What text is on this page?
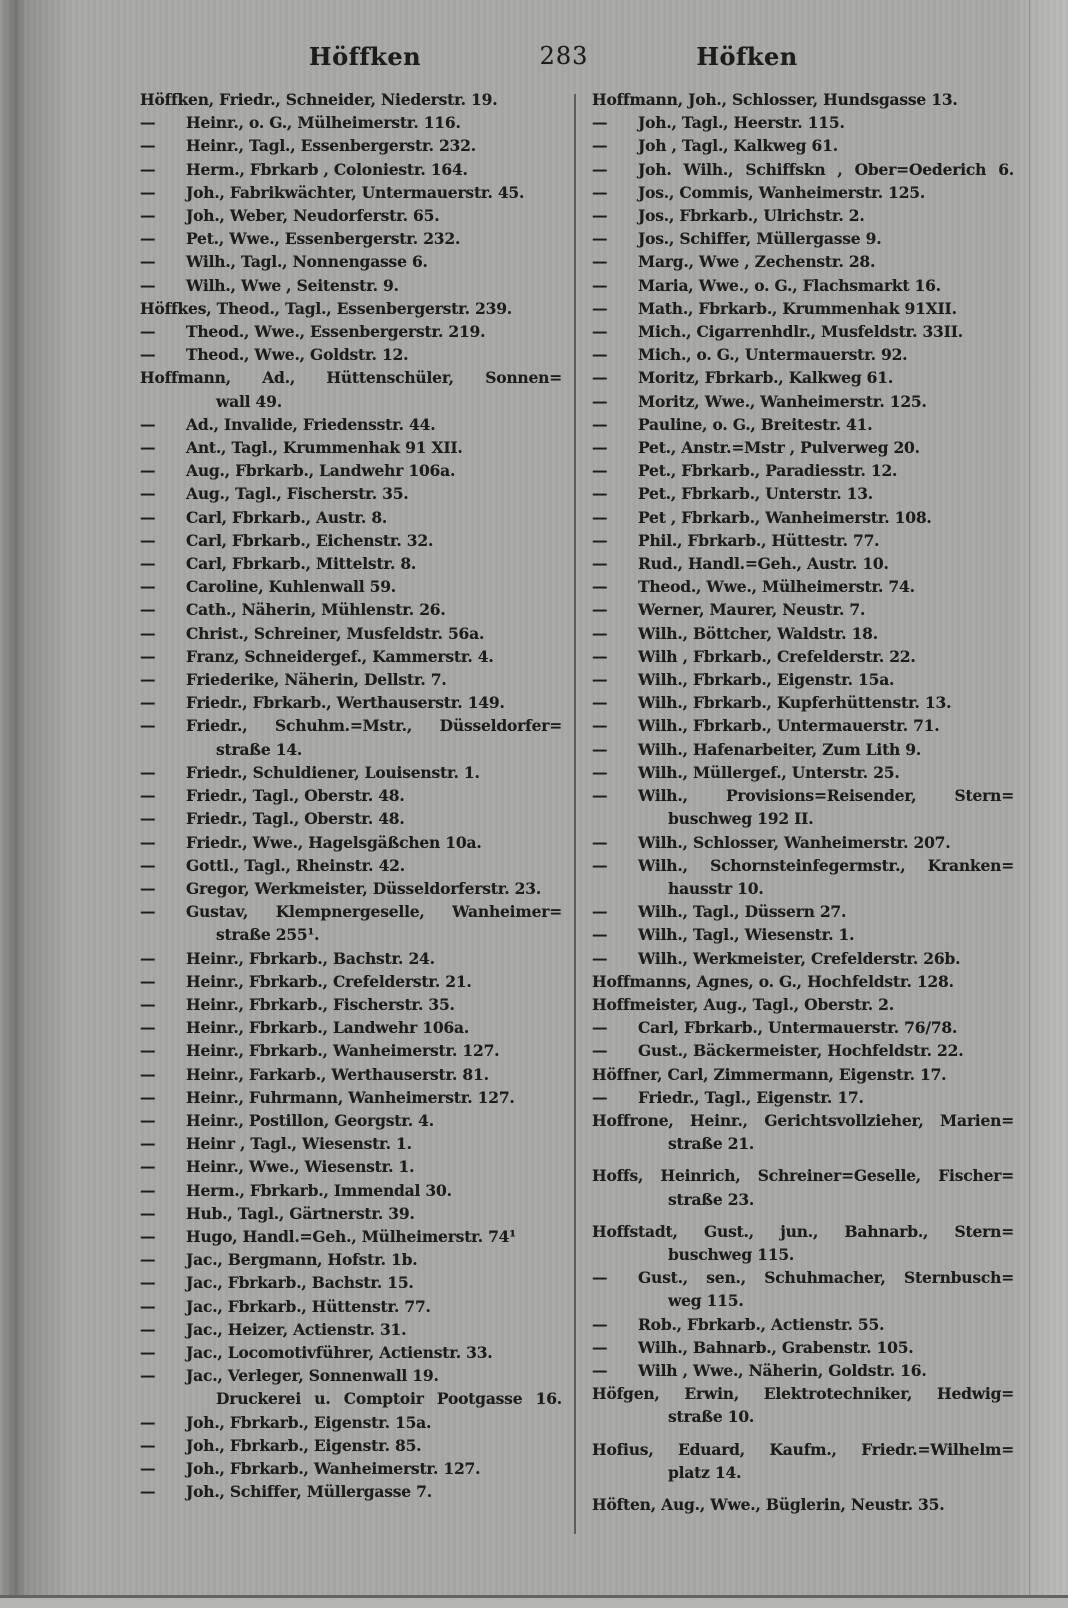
Höffken	283	Höfken
Höffken, Friedr., Schneider, Niederstr. 19.
—	Heinr., o. G., Mülheimerstr. 116.
—	Heinr., Tagl., Essenbergerstr. 232.
—	Herm., Fbrkarb , Coloniestr. 164.
—	Joh., Fabrikwächter, Untermauerstr. 45.
—	Joh., Weber, Neudorferstr. 65.
—	Pet., Wwe., Essenbergerstr. 232.
—	Wilh., Tagl., Nonnengasse 6.
—	Wilh., Wwe , Seitenstr. 9.
Höffkes, Theod., Tagl., Essenbergerstr. 239.
—	Theod., Wwe., Essenbergerstr. 219.
—	Theod., Wwe., Goldstr. 12.
Hoffmann, Ad., Hüttenschüler, Sonnen=
wall 49.
—	Ad., Invalide, Friedensstr. 44.
—	Ant., Tagl., Krummenhak 91 XII.
—	Aug., Fbrkarb., Landwehr 106a.
—	Aug., Tagl., Fischerstr. 35.
—	Carl, Fbrkarb., Austr. 8.
—	Carl, Fbrkarb., Eichenstr. 32.
—	Carl, Fbrkarb., Mittelstr. 8.
—	Caroline, Kuhlenwall 59.
—	Cath., Näherin, Mühlenstr. 26.
—	Christ., Schreiner, Musfeldstr. 56a.
—	Franz, Schneidergef., Kammerstr. 4.
—	Friederike, Näherin, Dellstr. 7.
—	Friedr., Fbrkarb., Werthauserstr. 149.
—	Friedr., Schuhm.=Mstr., Düsseldorfer=
straße 14.
—	Friedr., Schuldiener, Louisenstr. 1.
—	Friedr., Tagl., Oberstr. 48.
—	Friedr., Tagl., Oberstr. 48.
—	Friedr., Wwe., Hagelsgäßchen 10a.
—	Gottl., Tagl., Rheinstr. 42.
—	Gregor, Werkmeister, Düsseldorferstr. 23.
—	Gustav, Klempnergeselle, Wanheimer=
straße 255¹.
—	Heinr., Fbrkarb., Bachstr. 24.
—	Heinr., Fbrkarb., Crefelderstr. 21.
—	Heinr., Fbrkarb., Fischerstr. 35.
—	Heinr., Fbrkarb., Landwehr 106a.
—	Heinr., Fbrkarb., Wanheimerstr. 127.
—	Heinr., Farkarb., Werthauserstr. 81.
—	Heinr., Fuhrmann, Wanheimerstr. 127.
—	Heinr., Postillon, Georgstr. 4.
—	Heinr , Tagl., Wiesenstr. 1.
—	Heinr., Wwe., Wiesenstr. 1.
—	Herm., Fbrkarb., Immendal 30.
—	Hub., Tagl., Gärtnerstr. 39.
—	Hugo, Handl.=Geh., Mülheimerstr. 74¹
—	Jac., Bergmann, Hofstr. 1b.
—	Jac., Fbrkarb., Bachstr. 15.
—	Jac., Fbrkarb., Hüttenstr. 77.
—	Jac., Heizer, Actienstr. 31.
—	Jac., Locomotivführer, Actienstr. 33.
—	Jac., Verleger, Sonnenwall 19.
Druckerei u. Comptoir Pootgasse 16.
—	Joh., Fbrkarb., Eigenstr. 15a.
—	Joh., Fbrkarb., Eigenstr. 85.
—	Joh., Fbrkarb., Wanheimerstr. 127.
—	Joh., Schiffer, Müllergasse 7.
Hoffmann, Joh., Schlosser, Hundsgasse 13.
—	Joh., Tagl., Heerstr. 115.
—	Joh , Tagl., Kalkweg 61.
—	Joh. Wilh., Schiffskn , Ober=Oederich 6.
—	Jos., Commis, Wanheimerstr. 125.
—	Jos., Fbrkarb., Ulrichstr. 2.
—	Jos., Schiffer, Müllergasse 9.
—	Marg., Wwe , Zechenstr. 28.
—	Maria, Wwe., o. G., Flachsmarkt 16.
—	Math., Fbrkarb., Krummenhak 91XII.
—	Mich., Cigarrenhdlr., Musfeldstr. 33II.
—	Mich., o. G., Untermauerstr. 92.
—	Moritz, Fbrkarb., Kalkweg 61.
—	Moritz, Wwe., Wanheimerstr. 125.
—	Pauline, o. G., Breitestr. 41.
—	Pet., Anstr.=Mstr , Pulverweg 20.
—	Pet., Fbrkarb., Paradiesstr. 12.
—	Pet., Fbrkarb., Unterstr. 13.
—	Pet , Fbrkarb., Wanheimerstr. 108.
—	Phil., Fbrkarb., Hüttestr. 77.
—	Rud., Handl.=Geh., Austr. 10.
—	Theod., Wwe., Mülheimerstr. 74.
—	Werner, Maurer, Neustr. 7.
—	Wilh., Böttcher, Waldstr. 18.
—	Wilh , Fbrkarb., Crefelderstr. 22.
—	Wilh., Fbrkarb., Eigenstr. 15a.
—	Wilh., Fbrkarb., Kupferhüttenstr. 13.
—	Wilh., Fbrkarb., Untermauerstr. 71.
—	Wilh., Hafenarbeiter, Zum Lith 9.
—	Wilh., Müllergef., Unterstr. 25.
—	Wilh., Provisions=Reisender, Stern=
buschweg 192 II.
—	Wilh., Schlosser, Wanheimerstr. 207.
—	Wilh., Schornsteinfegermstr., Kranken=
hausstr 10.
—	Wilh., Tagl., Düssern 27.
—	Wilh., Tagl., Wiesenstr. 1.
—	Wilh., Werkmeister, Crefelderstr. 26b.
Hoffmanns, Agnes, o. G., Hochfeldstr. 128.
Hoffmeister, Aug., Tagl., Oberstr. 2.
—	Carl, Fbrkarb., Untermauerstr. 76/78.
—	Gust., Bäckermeister, Hochfeldstr. 22.
Höffner, Carl, Zimmermann, Eigenstr. 17.
—	Friedr., Tagl., Eigenstr. 17.
Hoffrone, Heinr., Gerichtsvollzieher, Marien=
straße 21.
Hoffs, Heinrich, Schreiner=Geselle, Fischer=
straße 23.
Hoffstadt, Gust., jun., Bahnarb., Stern=
buschweg 115.
—	Gust., sen., Schuhmacher, Sternbusch=
weg 115.
—	Rob., Fbrkarb., Actienstr. 55.
—	Wilh., Bahnarb., Grabenstr. 105.
—	Wilh , Wwe., Näherin, Goldstr. 16.
Höfgen, Erwin, Elektrotechniker, Hedwig=
straße 10.
Hofius, Eduard, Kaufm., Friedr.=Wilhelm=
platz 14.
Höften, Aug., Wwe., Büglerin, Neustr. 35.
